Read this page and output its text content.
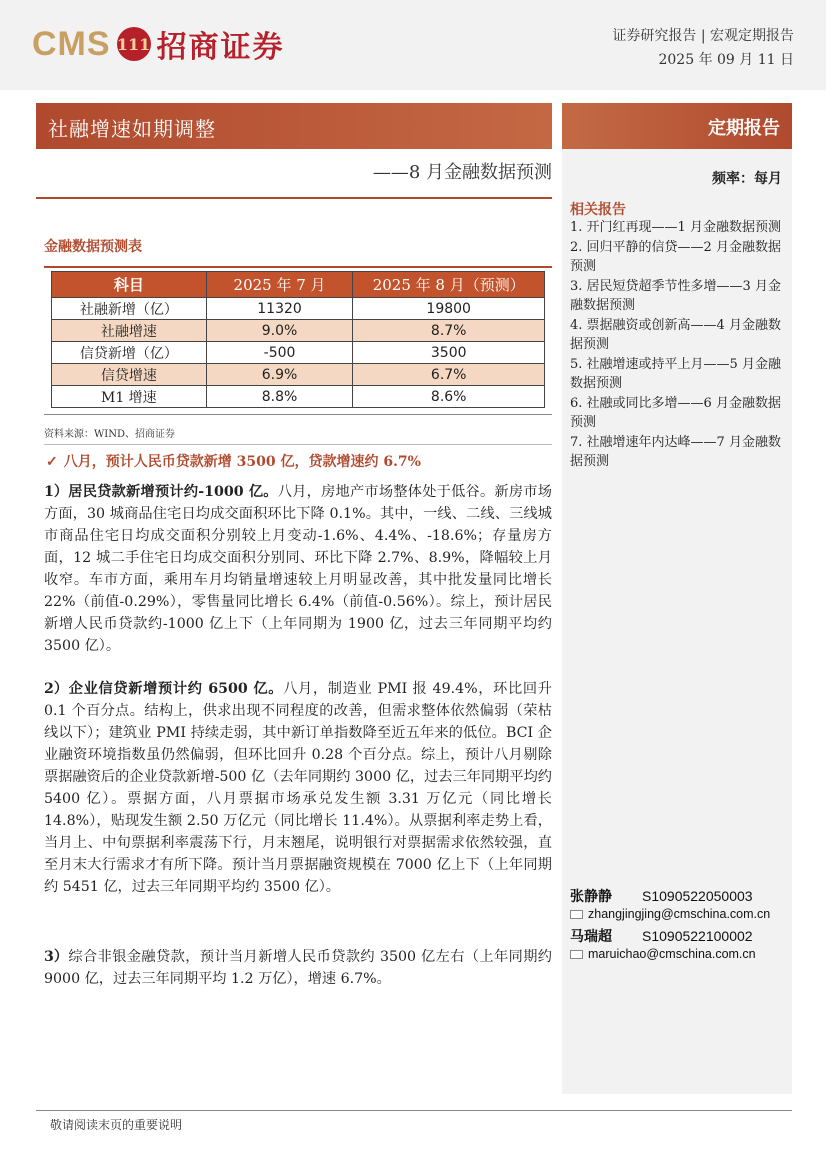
CMS 111 招商证券	证券研究报告 | 宏观定期报告
2025 年 09 月 11 日
社融增速如期调整
——8 月金融数据预测
定期报告
频率：每月
相关报告
1. 开门红再现——1 月金融数据预测
2. 回归平静的信贷——2 月金融数据预测
3. 居民短贷超季节性多增——3 月金融数据预测
4. 票据融资或创新高——4 月金融数据预测
5. 社融增速或持平上月——5 月金融数据预测
6. 社融或同比多增——6 月金融数据预测
7. 社融增速年内达峰——7 月金融数据预测
金融数据预测表
科目	2025 年 7 月	2025 年 8 月（预测）
社融新增（亿）	11320	19800
社融增速	9.0%	8.7%
信贷新增（亿）	-500	3500
信贷增速	6.9%	6.7%
M1 增速	8.8%	8.6%
资料来源：WIND、招商证券
✓ 八月，预计人民币贷款新增 3500 亿，贷款增速约 6.7%
1）居民贷款新增预计约-1000 亿。八月，房地产市场整体处于低谷。新房市场方面，30 城商品住宅日均成交面积环比下降 0.1%。其中，一线、二线、三线城市商品住宅日均成交面积分别较上月变动-1.6%、4.4%、-18.6%；存量房方面，12 城二手住宅日均成交面积分别同、环比下降 2.7%、8.9%，降幅较上月收窄。车市方面，乘用车月均销量增速较上月明显改善，其中批发量同比增长 22%（前值-0.29%），零售量同比增长 6.4%（前值-0.56%）。综上，预计居民新增人民币贷款约-1000 亿上下（上年同期为 1900 亿，过去三年同期平均约 3500 亿）。
2）企业信贷新增预计约 6500 亿。八月，制造业 PMI 报 49.4%，环比回升 0.1 个百分点。结构上，供求出现不同程度的改善，但需求整体依然偏弱（荣枯线以下）；建筑业 PMI 持续走弱，其中新订单指数降至近五年来的低位。BCI 企业融资环境指数虽仍然偏弱，但环比回升 0.28 个百分点。综上，预计八月剔除票据融资后的企业贷款新增-500 亿（去年同期约 3000 亿，过去三年同期平均约 5400 亿）。票据方面，八月票据市场承兑发生额 3.31 万亿元（同比增长 14.8%），贴现发生额 2.50 万亿元（同比增长 11.4%）。从票据利率走势上看，当月上、中旬票据利率震荡下行，月末翘尾，说明银行对票据需求依然较强，直至月末大行需求才有所下降。预计当月票据融资规模在 7000 亿上下（上年同期约 5451 亿，过去三年同期平均约 3500 亿）。
3）综合非银金融贷款，预计当月新增人民币贷款约 3500 亿左右（上年同期约 9000 亿，过去三年同期平均 1.2 万亿），增速 6.7%。
张静静 S1090522050003
zhangjingjing@cmschina.com.cn
马瑞超 S1090522100002
maruichao@cmschina.com.cn
敬请阅读末页的重要说明
